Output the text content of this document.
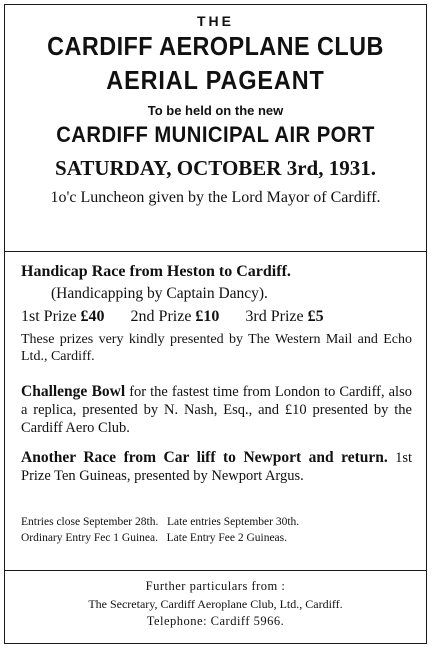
THE
CARDIFF AEROPLANE CLUB
AERIAL PAGEANT
To be held on the new
CARDIFF MUNICIPAL AIR PORT
SATURDAY, OCTOBER 3rd, 1931.
1o'c Luncheon given by the Lord Mayor of Cardiff.
Handicap Race from Heston to Cardiff.
(Handicapping by Captain Dancy).
1st Prize £40 2nd Prize £10 3rd Prize £5
These prizes very kindly presented by The Western Mail and Echo Ltd., Cardiff.
Challenge Bowl for the fastest time from London to Cardiff, also a replica, presented by N. Nash, Esq., and £10 presented by the Cardiff Aero Club.
Another Race from Car liff to Newport and return. 1st Prize Ten Guineas, presented by Newport Argus.
Entries close September 28th.   Late entries September 30th.
Ordinary Entry Fec 1 Guinea.   Late Entry Fee 2 Guineas.
Further particulars from :
The Secretary, Cardiff Aeroplane Club, Ltd., Cardiff.
Telephone: Cardiff 5966.
